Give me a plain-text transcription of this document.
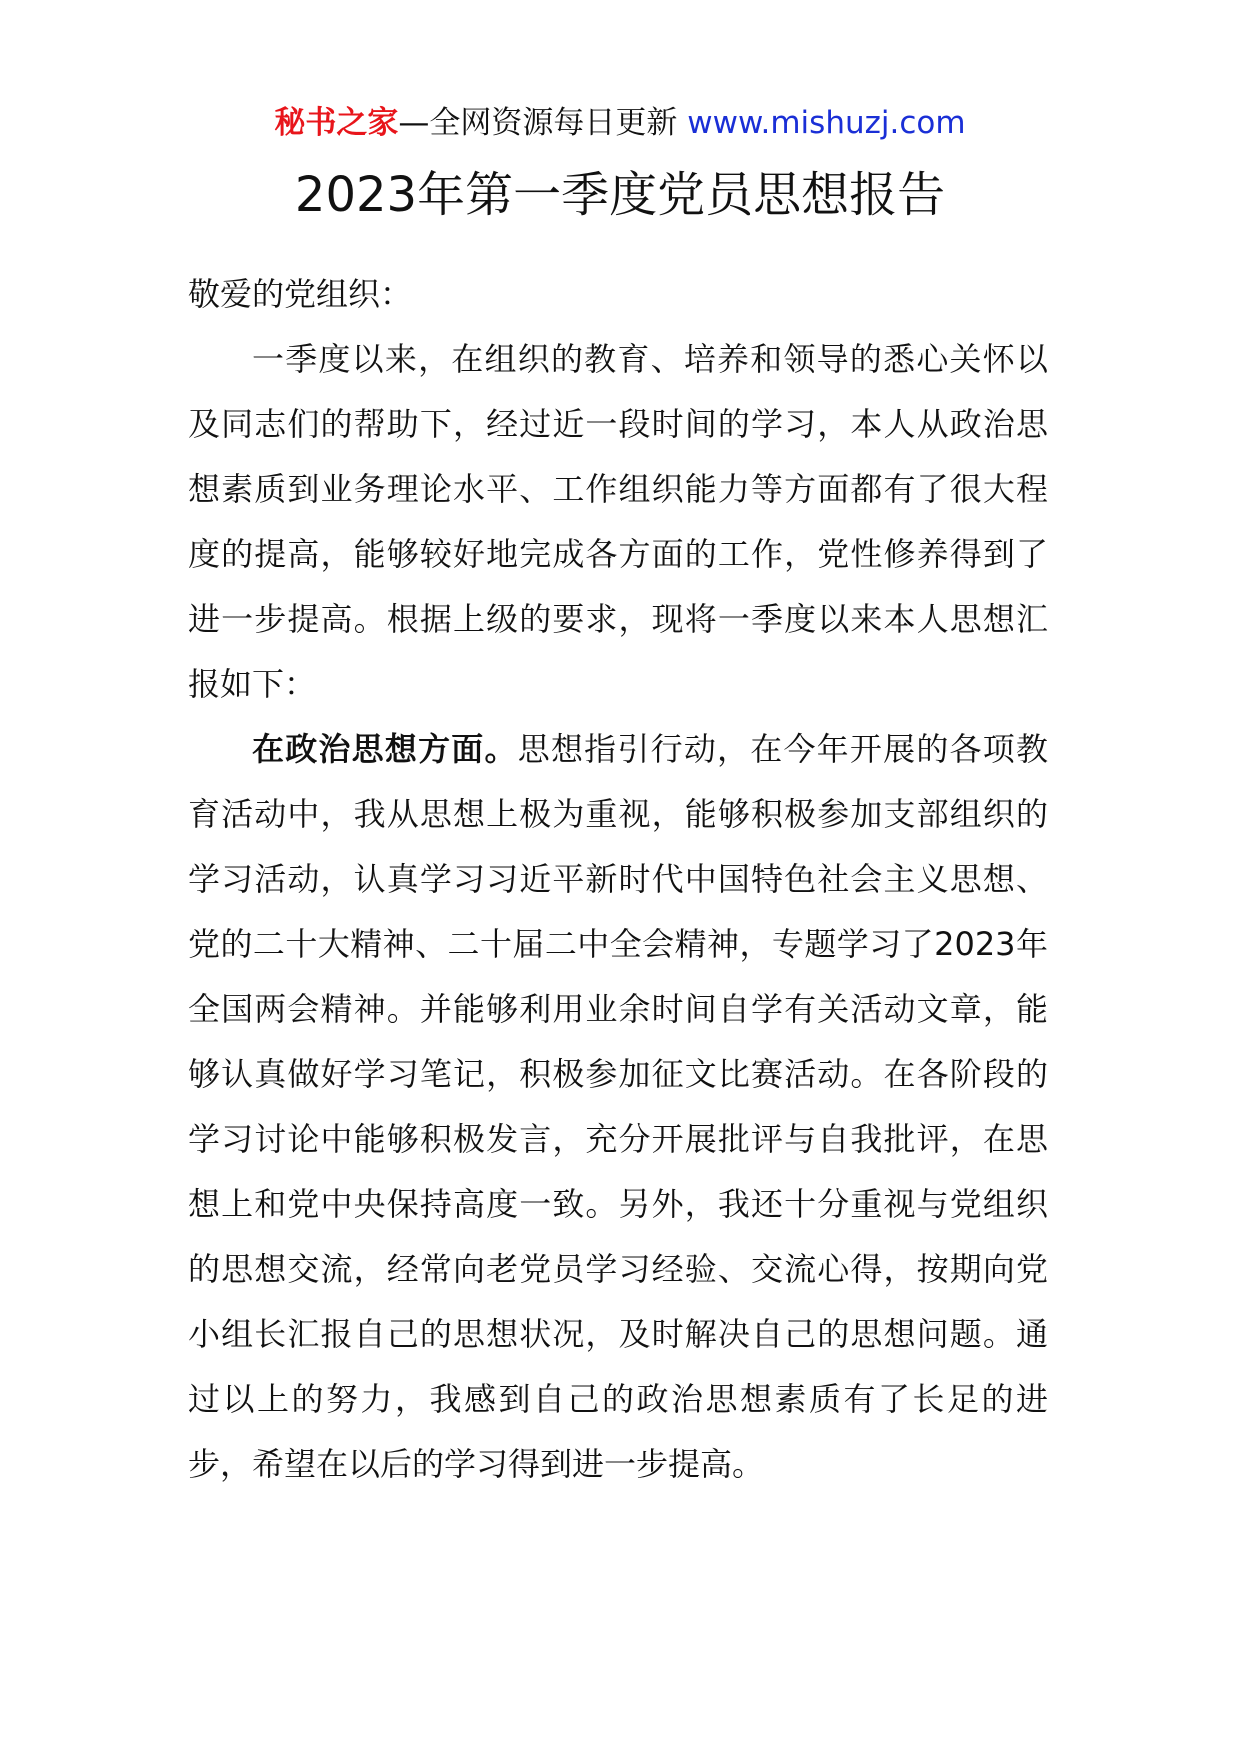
秘书之家—全网资源每日更新 www.mishuzj.com
2023年第一季度党员思想报告

敬爱的党组织：

一季度以来，在组织的教育、培养和领导的悉心关怀以及同志们的帮助下，经过近一段时间的学习，本人从政治思想素质到业务理论水平、工作组织能力等方面都有了很大程度的提高，能够较好地完成各方面的工作，党性修养得到了进一步提高。根据上级的要求，现将一季度以来本人思想汇报如下：

在政治思想方面。思想指引行动，在今年开展的各项教育活动中，我从思想上极为重视，能够积极参加支部组织的学习活动，认真学习习近平新时代中国特色社会主义思想、党的二十大精神、二十届二中全会精神，专题学习了2023年全国两会精神。并能够利用业余时间自学有关活动文章，能够认真做好学习笔记，积极参加征文比赛活动。在各阶段的学习讨论中能够积极发言，充分开展批评与自我批评，在思想上和党中央保持高度一致。另外，我还十分重视与党组织的思想交流，经常向老党员学习经验、交流心得，按期向党小组长汇报自己的思想状况，及时解决自己的思想问题。通过以上的努力，我感到自己的政治思想素质有了长足的进步，希望在以后的学习得到进一步提高。
